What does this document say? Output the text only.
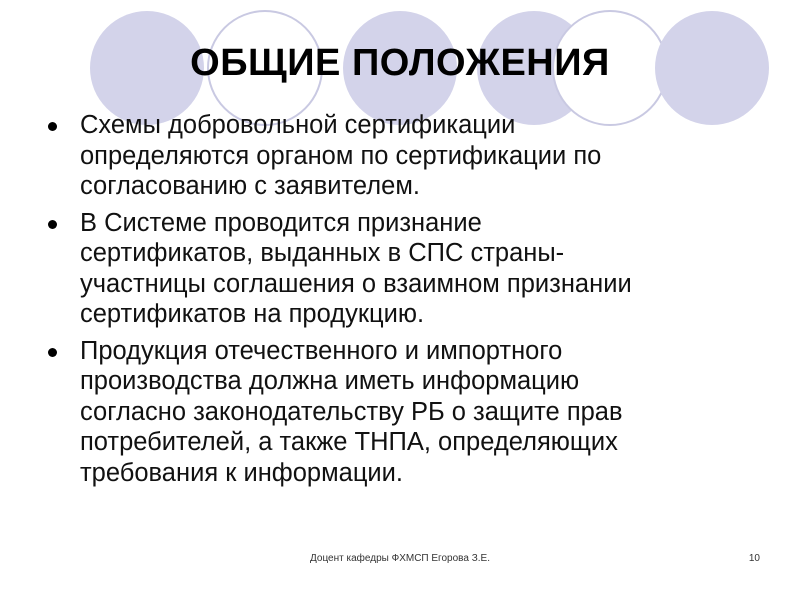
ОБЩИЕ ПОЛОЖЕНИЯ
Схемы добровольной сертификации
определяются органом по сертификации по
согласованию с заявителем.
В Системе проводится признание
сертификатов, выданных в СПС страны-
участницы соглашения о взаимном признании
сертификатов на продукцию.
Продукция отечественного и импортного
производства должна иметь информацию
согласно законодательству РБ о защите прав
потребителей, а также ТНПА, определяющих
требования к информации.
Доцент кафедры ФХМСП Егорова З.Е.	10
